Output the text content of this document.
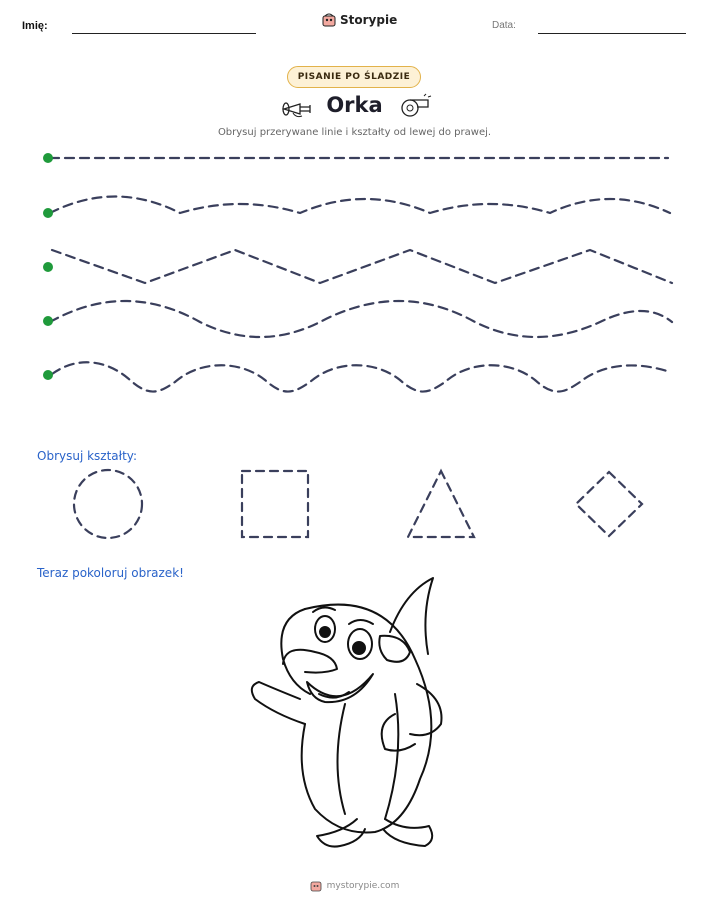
Imię:	Storypie	Data:
PISANIE PO ŚLADZIE
Orka
Obrysuj przerywane linie i kształty od lewej do prawej.
Obrysuj kształty:
Teraz pokoloruj obrazek!
mystorypie.com
